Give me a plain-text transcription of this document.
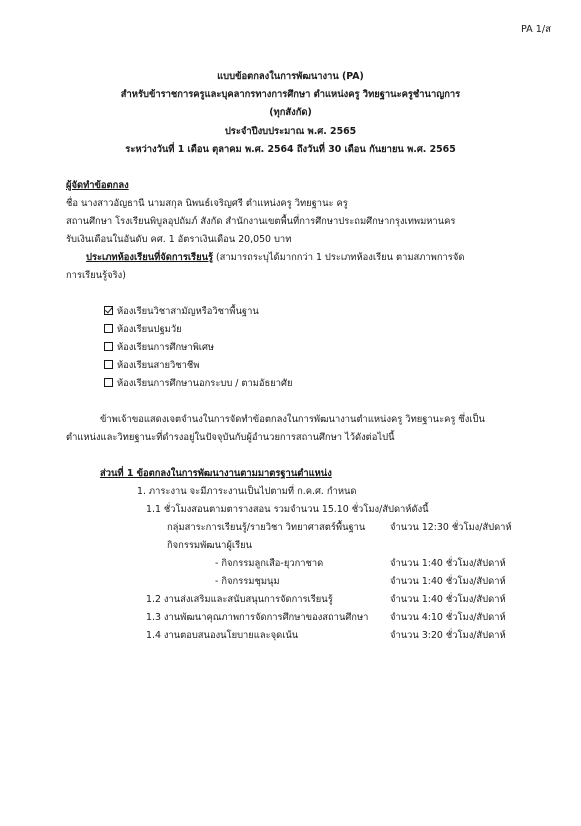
PA 1/ส
แบบข้อตกลงในการพัฒนางาน (PA)
สำหรับข้าราชการครูและบุคลากรทางการศึกษา ตำแหน่งครู วิทยฐานะครูชำนาญการ
(ทุกสังกัด)
ประจำปีงบประมาณ พ.ศ. 2565
ระหว่างวันที่ 1 เดือน ตุลาคม พ.ศ. 2564 ถึงวันที่ 30 เดือน กันยายน พ.ศ. 2565
ผู้จัดทำข้อตกลง
ชื่อ นางสาวอัญธานี นามสกุล นิพนธ์เจริญศรี ตำแหน่งครู วิทยฐานะ ครู
สถานศึกษา โรงเรียนพิบูลอุปถัมภ์ สังกัด สำนักงานเขตพื้นที่การศึกษาประถมศึกษากรุงเทพมหานคร
รับเงินเดือนในอันดับ คศ. 1 อัตราเงินเดือน 20,050 บาท
ประเภทห้องเรียนที่จัดการเรียนรู้ (สามารถระบุได้มากกว่า 1 ประเภทห้องเรียน ตามสภาพการจัด
การเรียนรู้จริง)
ห้องเรียนวิชาสามัญหรือวิชาพื้นฐาน
ห้องเรียนปฐมวัย
ห้องเรียนการศึกษาพิเศษ
ห้องเรียนสายวิชาชีพ
ห้องเรียนการศึกษานอกระบบ / ตามอัธยาศัย
ข้าพเจ้าขอแสดงเจตจำนงในการจัดทำข้อตกลงในการพัฒนางานตำแหน่งครู วิทยฐานะครู ซึ่งเป็น
ตำแหน่งและวิทยฐานะที่ดำรงอยู่ในปัจจุบันกับผู้อำนวยการสถานศึกษา ไว้ดังต่อไปนี้
ส่วนที่ 1 ข้อตกลงในการพัฒนางานตามมาตรฐานตำแหน่ง
1. ภาระงาน จะมีภาระงานเป็นไปตามที่ ก.ค.ศ. กำหนด
1.1 ชั่วโมงสอนตามตารางสอน รวมจำนวน 15.10 ชั่วโมง/สัปดาห์ดังนี้
กลุ่มสาระการเรียนรู้/รายวิชา วิทยาศาสตร์พื้นฐาน	จำนวน 12:30 ชั่วโมง/สัปดาห์
กิจกรรมพัฒนาผู้เรียน
- กิจกรรมลูกเสือ-ยุวกาชาด	จำนวน 1:40 ชั่วโมง/สัปดาห์
- กิจกรรมชุมนุม	จำนวน 1:40 ชั่วโมง/สัปดาห์
1.2 งานส่งเสริมและสนับสนุนการจัดการเรียนรู้	จำนวน 1:40 ชั่วโมง/สัปดาห์
1.3 งานพัฒนาคุณภาพการจัดการศึกษาของสถานศึกษา จำนวน 4:10 ชั่วโมง/สัปดาห์
1.4 งานตอบสนองนโยบายและจุดเน้น	จำนวน 3:20 ชั่วโมง/สัปดาห์
